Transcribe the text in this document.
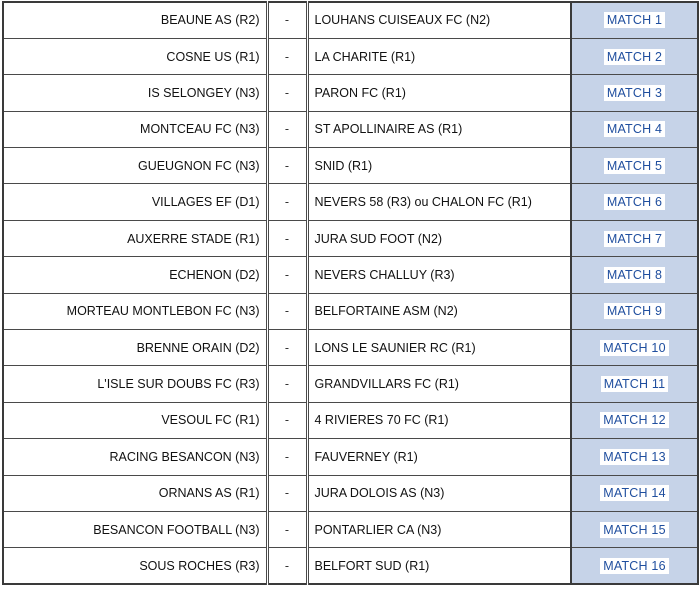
BEAUNE AS (R2)	-	LOUHANS CUISEAUX FC (N2)	MATCH 1
COSNE US (R1)	-	LA CHARITE (R1)	MATCH 2
IS SELONGEY (N3)	-	PARON FC (R1)	MATCH 3
MONTCEAU FC (N3)	-	ST APOLLINAIRE AS (R1)	MATCH 4
GUEUGNON FC (N3)	-	SNID (R1)	MATCH 5
VILLAGES EF (D1)	-	NEVERS 58 (R3) ou CHALON FC (R1)	MATCH 6
AUXERRE STADE (R1)	-	JURA SUD FOOT (N2)	MATCH 7
ECHENON (D2)	-	NEVERS CHALLUY (R3)	MATCH 8
MORTEAU MONTLEBON FC (N3)	-	BELFORTAINE ASM (N2)	MATCH 9
BRENNE ORAIN (D2)	-	LONS LE SAUNIER RC (R1)	MATCH 10
L'ISLE SUR DOUBS FC (R3)	-	GRANDVILLARS FC (R1)	MATCH 11
VESOUL FC (R1)	-	4 RIVIERES 70 FC (R1)	MATCH 12
RACING BESANCON (N3)	-	FAUVERNEY (R1)	MATCH 13
ORNANS AS (R1)	-	JURA DOLOIS AS (N3)	MATCH 14
BESANCON FOOTBALL (N3)	-	PONTARLIER CA (N3)	MATCH 15
SOUS ROCHES (R3)	-	BELFORT SUD (R1)	MATCH 16
